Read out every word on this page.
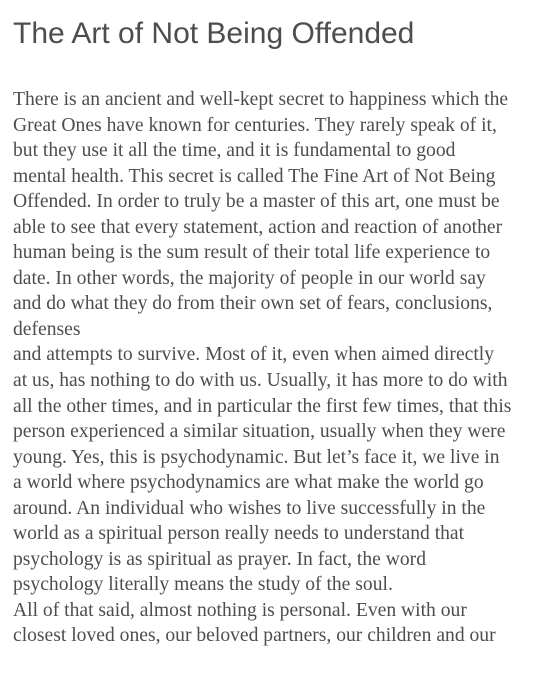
The Art of Not Being Offended
There is an ancient and well-kept secret to happiness which the
Great Ones have known for centuries. They rarely speak of it,
but they use it all the time, and it is fundamental to good
mental health. This secret is called The Fine Art of Not Being
Offended. In order to truly be a master of this art, one must be
able to see that every statement, action and reaction of another
human being is the sum result of their total life experience to
date. In other words, the majority of people in our world say
and do what they do from their own set of fears, conclusions,
defenses
and attempts to survive. Most of it, even when aimed directly
at us, has nothing to do with us. Usually, it has more to do with
all the other times, and in particular the first few times, that this
person experienced a similar situation, usually when they were
young. Yes, this is psychodynamic. But let’s face it, we live in
a world where psychodynamics are what make the world go
around. An individual who wishes to live successfully in the
world as a spiritual person really needs to understand that
psychology is as spiritual as prayer. In fact, the word
psychology literally means the study of the soul.
All of that said, almost nothing is personal. Even with our
closest loved ones, our beloved partners, our children and our
